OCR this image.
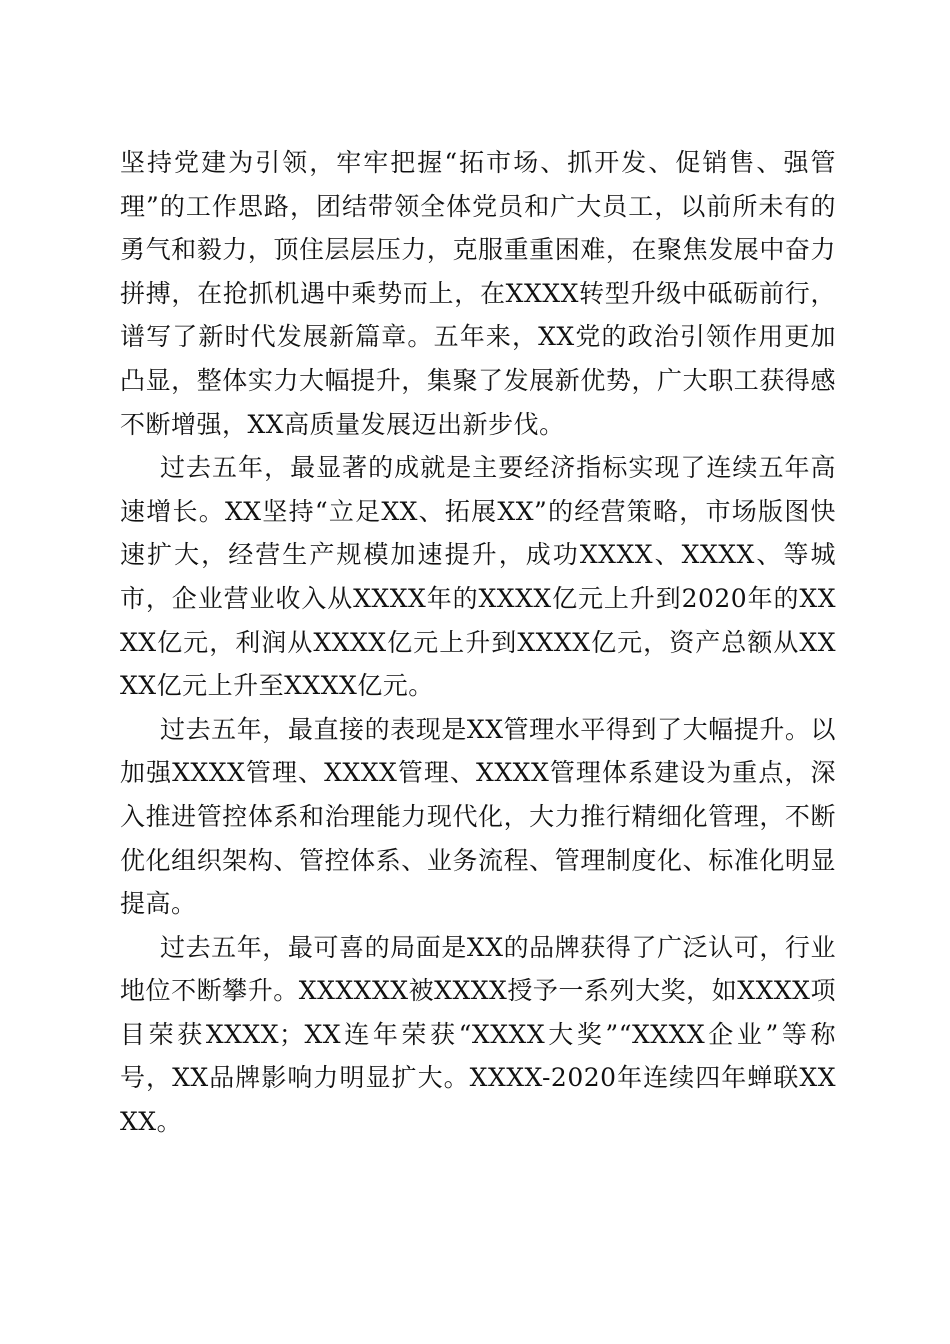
坚持党建为引领，牢牢把握“拓市场、抓开发、促销售、强管理”的工作思路，团结带领全体党员和广大员工，以前所未有的勇气和毅力，顶住层层压力，克服重重困难，在聚焦发展中奋力拼搏，在抢抓机遇中乘势而上，在XXXX转型升级中砥砺前行，谱写了新时代发展新篇章。五年来，XX党的政治引领作用更加凸显，整体实力大幅提升，集聚了发展新优势，广大职工获得感不断增强，XX高质量发展迈出新步伐。

过去五年，最显著的成就是主要经济指标实现了连续五年高速增长。XX坚持“立足XX、拓展XX”的经营策略，市场版图快速扩大，经营生产规模加速提升，成功XXXX、XXXX、等城市，企业营业收入从XXXX年的XXXX亿元上升到2020年的XXXX亿元，利润从XXXX亿元上升到XXXX亿元，资产总额从XXXX亿元上升至XXXX亿元。

过去五年，最直接的表现是XX管理水平得到了大幅提升。以加强XXXX管理、XXXX管理、XXXX管理体系建设为重点，深入推进管控体系和治理能力现代化，大力推行精细化管理，不断优化组织架构、管控体系、业务流程、管理制度化、标准化明显提高。

过去五年，最可喜的局面是XX的品牌获得了广泛认可，行业地位不断攀升。XXXXXX被XXXX授予一系列大奖，如XXXX项目荣获XXXX；XX连年荣获“XXXX大奖”“XXXX企业”等称号，XX品牌影响力明显扩大。XXXX-2020年连续四年蝉联XXXX。
